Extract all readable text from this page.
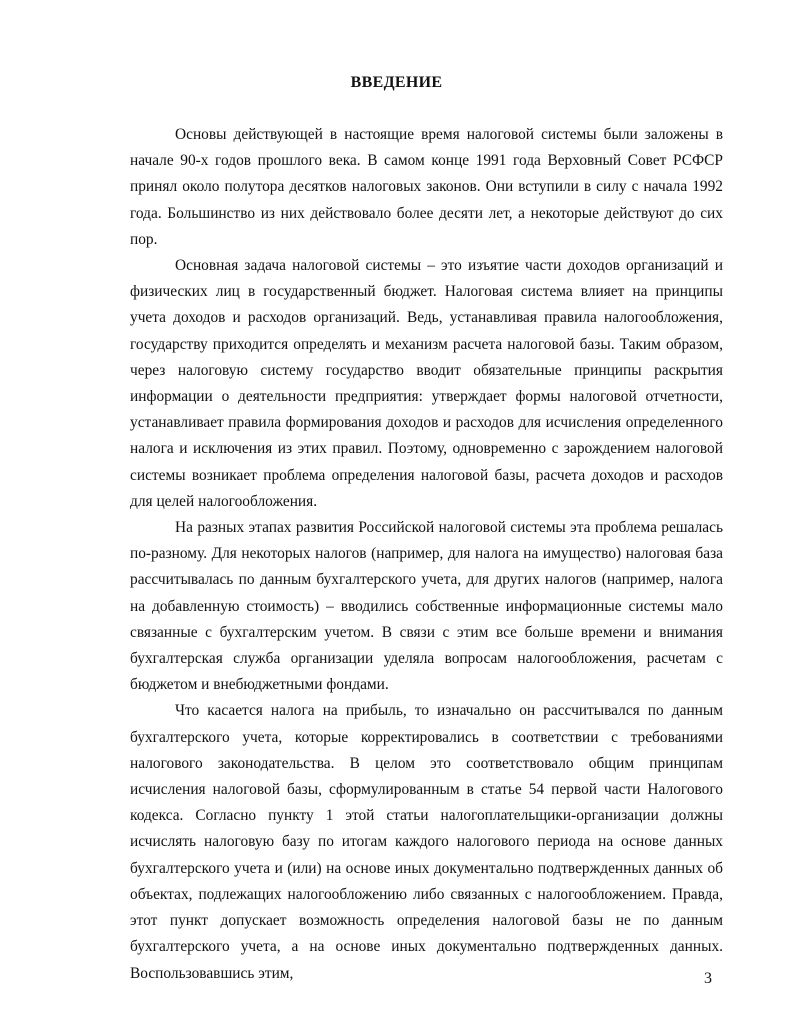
ВВЕДЕНИЕ

Основы действующей в настоящие время налоговой системы были заложены в начале 90-х годов прошлого века. В самом конце 1991 года Верховный Совет РСФСР принял около полутора десятков налоговых законов. Они вступили в силу с начала 1992 года. Большинство из них действовало более десяти лет, а некоторые действуют до сих пор.

Основная задача налоговой системы – это изъятие части доходов организаций и физических лиц в государственный бюджет. Налоговая система влияет на принципы учета доходов и расходов организаций. Ведь, устанавливая правила налогообложения, государству приходится определять и механизм расчета налоговой базы. Таким образом, через налоговую систему государство вводит обязательные принципы раскрытия информации о деятельности предприятия: утверждает формы налоговой отчетности, устанавливает правила формирования доходов и расходов для исчисления определенного налога и исключения из этих правил. Поэтому, одновременно с зарождением налоговой системы возникает проблема определения налоговой базы, расчета доходов и расходов для целей налогообложения.

На разных этапах развития Российской налоговой системы эта проблема решалась по-разному. Для некоторых налогов (например, для налога на имущество) налоговая база рассчитывалась по данным бухгалтерского учета, для других налогов (например, налога на добавленную стоимость) – вводились собственные информационные системы мало связанные с бухгалтерским учетом. В связи с этим все больше времени и внимания бухгалтерская служба организации уделяла вопросам налогообложения, расчетам с бюджетом и внебюджетными фондами.

Что касается налога на прибыль, то изначально он рассчитывался по данным бухгалтерского учета, которые корректировались в соответствии с требованиями налогового законодательства. В целом это соответствовало общим принципам исчисления налоговой базы, сформулированным в статье 54 первой части Налогового кодекса. Согласно пункту 1 этой статьи налогоплательщики-организации должны исчислять налоговую базу по итогам каждого налогового периода на основе данных бухгалтерского учета и (или) на основе иных документально подтвержденных данных об объектах, подлежащих налогообложению либо связанных с налогообложением. Правда, этот пункт допускает возможность определения налоговой базы не по данным бухгалтерского учета, а на основе иных документально подтвержденных данных. Воспользовавшись этим,	3
